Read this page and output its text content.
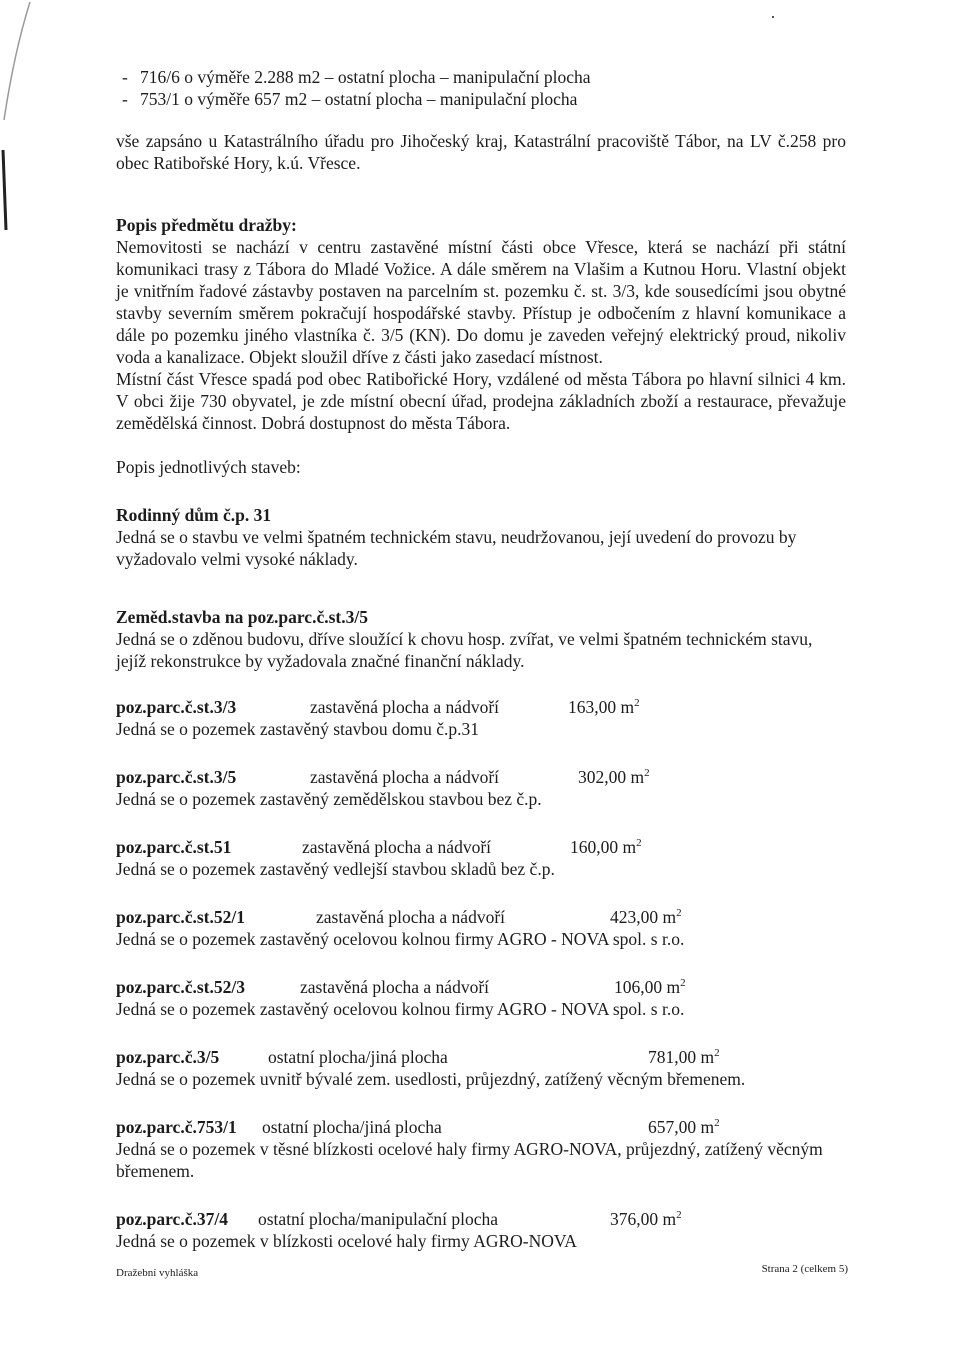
- 716/6 o výměře 2.288 m2 – ostatní plocha – manipulační plocha
- 753/1 o výměře 657 m2 – ostatní plocha – manipulační plocha

vše zapsáno u Katastrálního úřadu pro Jihočeský kraj, Katastrální pracoviště Tábor, na LV č.258 pro obec Ratibořské Hory, k.ú. Vřesce.

Popis předmětu dražby:

Nemovitosti se nachází v centru zastavěné místní části obce Vřesce, která se nachází při státní komunikaci trasy z Tábora do Mladé Vožice. A dále směrem na Vlašim a Kutnou Horu. Vlastní objekt je vnitřním řadové zástavby postaven na parcelním st. pozemku č. st. 3/3, kde sousedícími jsou obytné stavby severním směrem pokračují hospodářské stavby. Přístup je odbočením z hlavní komunikace a dále po pozemku jiného vlastníka č. 3/5 (KN). Do domu je zaveden veřejný elektrický proud, nikoliv voda a kanalizace. Objekt sloužil dříve z části jako zasedací místnost.

Místní část Vřesce spadá pod obec Ratibořické Hory, vzdálené od města Tábora po hlavní silnici 4 km. V obci žije 730 obyvatel, je zde místní obecní úřad, prodejna základních zboží a restaurace, převažuje zemědělská činnost. Dobrá dostupnost do města Tábora.

Popis jednotlivých staveb:

Rodinný dům č.p. 31

Jedná se o stavbu ve velmi špatném technickém stavu, neudržovanou, její uvedení do provozu by vyžadovalo velmi vysoké náklady.

Zeměd.stavba na poz.parc.č.st.3/5

Jedná se o zděnou budovu, dříve sloužící k chovu hosp. zvířat, ve velmi špatném technickém stavu, jejíž rekonstrukce by vyžadovala značné finanční náklady.

poz.parc.č.st.3/3	zastavěná plocha a nádvoří	163,00 $m^2$

Jedná se o pozemek zastavěný stavbou domu č.p.31

poz.parc.č.st.3/5	zastavěná plocha a nádvoří	302,00 $m^2$

Jedná se o pozemek zastavěný zemědělskou stavbou bez č.p.

poz.parc.č.st.51	zastavěná plocha a nádvoří	160,00 $m^2$

Jedná se o pozemek zastavěný vedlejší stavbou skladů bez č.p.

poz.parc.č.st.52/1	zastavěná plocha a nádvoří	423,00 $m^2$

Jedná se o pozemek zastavěný ocelovou kolnou firmy AGRO - NOVA spol. s r.o.

poz.parc.č.st.52/3	zastavěná plocha a nádvoří	106,00 $m^2$

Jedná se o pozemek zastavěný ocelovou kolnou firmy AGRO - NOVA spol. s r.o.

poz.parc.č.3/5	ostatní plocha/jiná plocha	781,00 $m^2$

Jedná se o pozemek uvnitř bývalé zem. usedlosti, průjezdný, zatížený věcným břemenem.

poz.parc.č.753/1	ostatní plocha/jiná plocha	657,00 $m^2$

Jedná se o pozemek v těsné blízkosti ocelové haly firmy AGRO-NOVA, průjezdný, zatížený věcným břemenem.

poz.parc.č.37/4	ostatní plocha/manipulační plocha	376,00 $m^2$

Jedná se o pozemek v blízkosti ocelové haly firmy AGRO-NOVA

Dražební vyhláška	Strana 2 (celkem 5)
